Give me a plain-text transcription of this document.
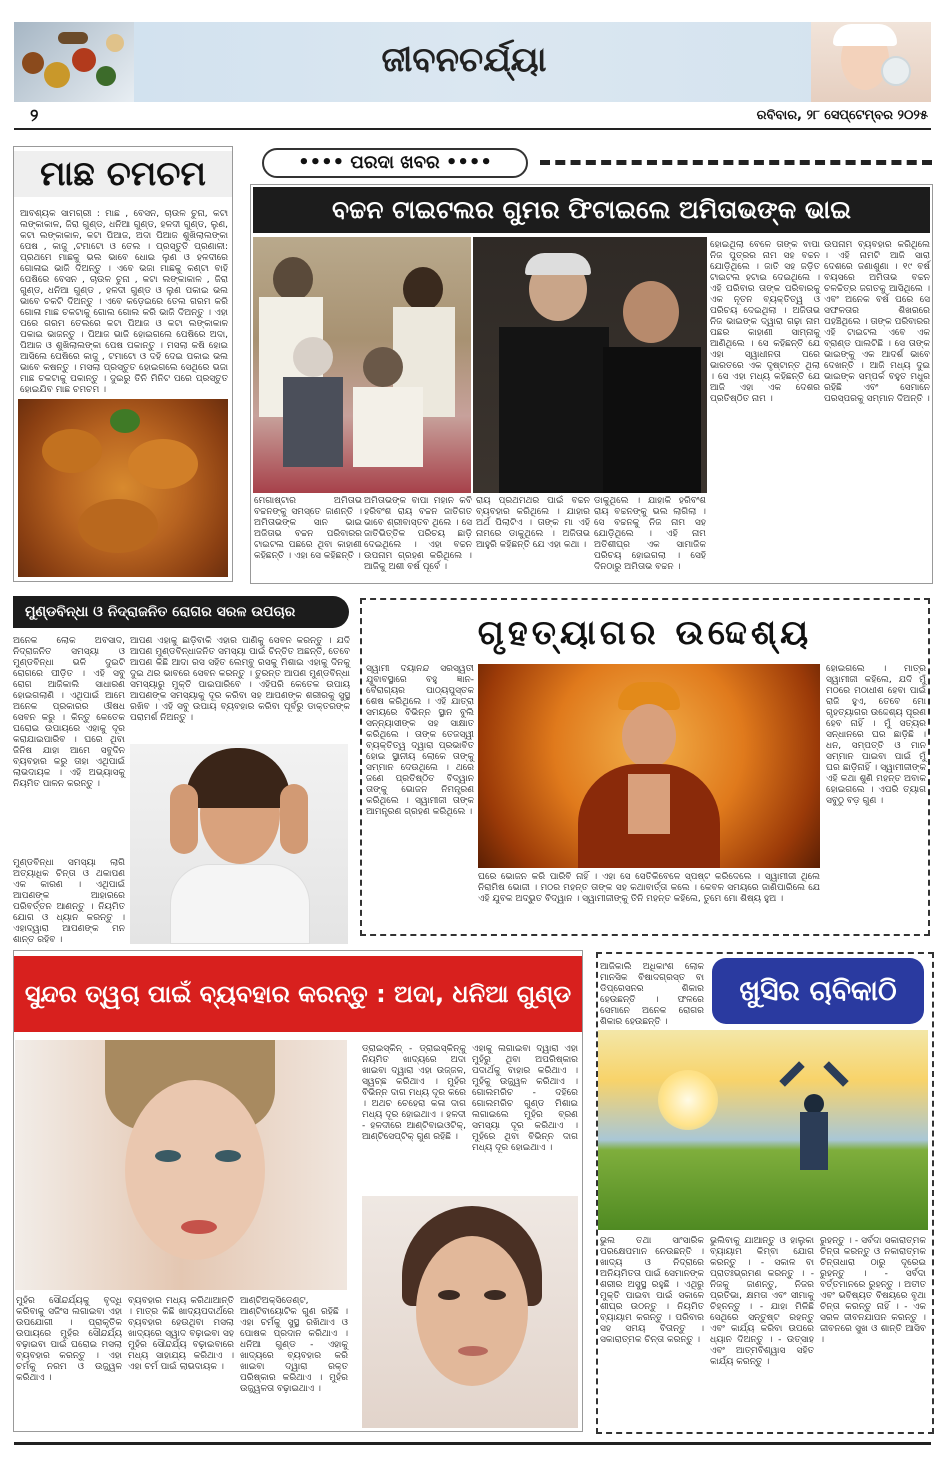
ଜୀବନଚର୍ଯ୍ୟା
୨	ରବିବାର, ୨୮ ସେପ୍ଟେମ୍ବର ୨୦୨୫
ମାଛ ଚମଚମ
ଆବଶ୍ୟକ ସାମଗ୍ରୀ : ମାଛ , ବେସନ, ଚାଉଳ ଚୁନା, କଟା ଲଙ୍କାକାଳ, ଜିରା ଗୁଣ୍ଡ, ଧନିଆ ଗୁଣ୍ଡ, ହଳଦୀ ଗୁଣ୍ଡ, ଲୁଣ, କଟା ଲଙ୍କାକାଳ, କଟା ପିଆଜ, ଅଦା ପିଆଜ ଶୁଖିଲାଲଙ୍କା ପେଷ , କାଜୁ ,ଟମାଟୋ ଓ ତେଲ । ପ୍ରସ୍ତୁତି ପ୍ରଣାଳୀ: ପ୍ରଥମେ ମାଛକୁ ଭଲ ଭାବେ ଧୋଇ ଲୁଣ ଓ ହଳଦୀରେ ଗୋଳାଇ ଭାଜି ଦିଅନ୍ତୁ । ଏବେ ଭଜା ମାଛକୁ କଣ୍ଟା ବାହି ପେଷିରେ ବେସନ , ଚାଉଳ ଚୁନା , କଟା ଲଙ୍କାକାଳ , ଜିରା ଗୁଣ୍ଡ, ଧନିଆ ଗୁଣ୍ଡ , ହଳଦୀ ଗୁଣ୍ଡ ଓ ଲୁଣ ପକାଇ ଭଲ ଭାବେ ଚକଟି ଦିଅନ୍ତୁ । ଏବେ କଡ଼େଇରେ ତେଲ ଗରମ କରି ଗୋଳା ମାଛ ଚକଟାକୁ ଗୋଲ ଗୋଲ କରି ଭାଜି ଦିଅନ୍ତୁ । ଏହା ପରେ ଗରମ ତେଲରେ କଟା ପିଆଜ ଓ କଟା ଲଙ୍କାକାଳ ପକାଇ ଭାଜନ୍ତୁ । ପିଆଜ ଭାଜି ହୋଇଗଲେ ପେଷିରେ ଅଦା, ପିଆଜ ଓ ଶୁଖିଲାଲଙ୍କା ପେଷ ପକାନ୍ତୁ । ମସଲା କଷି ହୋଇ ଆସିଲେ ପେଷିରେ କାଜୁ , ଟମାଟୋ ଓ ଦହି ଦେଇ ପକାଇ ଭଲ ଭାବେ କଷନ୍ତୁ । ମସଲା ପ୍ରସ୍ତୁତ ହୋଇଗଲେ ସେଥିରେ ଭଜା ମାଛ ଚକଟାକୁ ପକାନ୍ତୁ । ଦୁଇରୁ ତିନି ମିନିଟ ପରେ ପ୍ରସ୍ତୁତ ହୋଇଯିବ ମାଛ ଚମଚମ ।
•••• ପରଦା ଖବର ••••
ବଚ୍ଚନ ଟାଇଟଲର ଗୁମର ଫିଟାଇଲେ ଅମିତାଭଙ୍କ ଭାଇ
ମେଗାଷ୍ଟାର ଅମିତାଭ ବଚ୍ଚନଙ୍କୁ ସମସ୍ତେ ଜାଣନ୍ତି । ଅମିତାଭଙ୍କ ସାନ ଭାଇ ଅଜିତାଭ ବଚ୍ଚନ ପରିବାରର ଟାଇଟଲ ପଛରେ ଥିବା କାହାଣୀ କହିଛନ୍ତି । ଏହା ସେ କହିଛନ୍ତି ।
ଅମିତାଭଙ୍କ ବାପା ମହାନ କବି ହରିବଂଶ ରାୟ ବଚ୍ଚନ ଜାତିଗତ ଭାବେ ଶ୍ରୀବାସ୍ତବ ଥିଲେ । ସେ ଜାତିଭିତ୍ତିକ ପରିଚୟ ଛାଡ଼ି ଦେଇଥିଲେ । ଏହା ବଚ୍ଚନ ଉପନାମ ଗ୍ରହଣ କରିଥିଲେ । ଆଜିକୁ ଅଶୀ ବର୍ଷ ପୂର୍ବେ ।
ରାୟ ପ୍ରଥମଥର ପାଇଁ ବଚ୍ଚନ ବ୍ୟବହାର କରିଥିଲେ । ଯାହାର ଅର୍ଥ ପିଲାଟିଏ । ତାଙ୍କ ମା ଏହି ନାମରେ ଡାକୁଥିଲେ । ଅଜିତାଭ ଆହୁରି କହିଛନ୍ତି ଯେ ଏହା କଥା ।
ଡାକୁଥିଲେ । ଯାହାକି ହରିବଂଶ ରାୟ ବଚ୍ଚନଙ୍କୁ ଭଲ ଲାଗିଲା । ସେ ବଚ୍ଚନକୁ ନିଜ ନାମ ସହ ଯୋଡ଼ିଥିଲେ । ଏହି ନାମ ଅତିଶୀଘ୍ର ଏକ ସାମାଜିକ ପରିଚୟ ହୋଇଗଲା । ସେହି ଦିନଠାରୁ ଅମିତାଭ ବଚ୍ଚନ ।
ହୋଇଥିଲା ବେଳେ ତାଙ୍କ ବାପା ନିଜ ପୁତ୍ରର ନାମ ସହ ବଚ୍ଚନ ଯୋଡ଼ିଥିଲେ । ଜାତି ସହ ଜଡ଼ିତ ଟାଇଟଲ ହଟାଇ ଦେଇଥିଲେ । ଏହି ପରିବାର ତାଙ୍କ ପରିବାରକୁ ଏକ ନୂତନ ବ୍ୟକ୍ତିତ୍ୱ ଓ ପରିଚୟ ଦେଇଥିଲା । ଅଜିତାଭ ନିଜ ଭାଇଙ୍କ ଦ୍ୱାରା ଗଢ଼ା ନାମ ପଛର କାହାଣୀ ସାମ୍ନାକୁ ଆଣିଥିଲେ । ସେ କହିଛନ୍ତି ଯେ ଏହା ସ୍ୱାଧୀନତା ପରେ ଭାରତରେ ଏକ ଦୃଷ୍ଟାନ୍ତ ଥିଲା । ସେ ଏହା ମଧ୍ୟ କହିଛନ୍ତି ଯେ ଆଜି ଏହା ଏକ ଦେଶର ପ୍ରତିଷ୍ଠିତ ନାମ ।
ଉପନାମ ବ୍ୟବହାର କରିଥିଲେ । ଏହି ନାମଟି ଆଜି ସାରା ଦେଶରେ ଜଣାଶୁଣା । ୧୯ ବର୍ଷ ବୟସରେ ଅମିତାଭ ବଚ୍ଚନ ଚଳଚ୍ଚିତ୍ର ଜଗତକୁ ଆସିଥିଲେ । ଏବଂ ଅନେକ ବର୍ଷ ପରେ ସେ ସଫଳତାର ଶିଖରରେ ପହଞ୍ଚିଥିଲେ । ତାଙ୍କ ପରିବାରର ଏହି ଟାଇଟଲ ଏବେ ଏକ ବ୍ରାଣ୍ଡ ପାଲଟିଛି । ସେ ତାଙ୍କ ଭାଇଙ୍କୁ ଏକ ଆଦର୍ଶ ଭାବେ ଦେଖନ୍ତି । ଆଜି ମଧ୍ୟ ଦୁଇ ଭାଇଙ୍କ ସମ୍ପର୍କ ବହୁତ ମଧୁର ରହିଛି ଏବଂ ସେମାନେ ପରସ୍ପରକୁ ସମ୍ମାନ ଦିଅନ୍ତି ।
ମୁଣ୍ଡବିନ୍ଧା ଓ ନିଦ୍ରାଜନିତ ରୋଗର ସରଳ ଉପଚାର
ଅନେକ ଲୋକ ଅବସାଦ, ନିଦ୍ରାଜନିତ ସମସ୍ୟା ଓ ମୁଣ୍ଡବିନ୍ଧା ଭଳି ଦୁଇଟି ରୋଗରେ ପୀଡ଼ିତ । ଏହି ସବୁ ରୋଗ ଆଜିକାଲି ସାଧାରଣ ହୋଇଗଲାଣି । ଏଥିପାଇଁ ଆମେ ଅନେକ ପ୍ରକାରର ଔଷଧ ସେବନ କରୁ । କିନ୍ତୁ କେତେକ ଘରୋଇ ଉପାୟରେ ଏହାକୁ ଦୂର କରାଯାଇପାରିବ । ଘରେ ଥିବା ଜିନିଷ ଯାହା ଆମେ ସବୁଦିନ ବ୍ୟବହାର କରୁ ତାହା ଏଥିପାଇଁ ଲାଭଦାୟକ । ଏହି ଅଭ୍ୟାସକୁ ନିୟମିତ ପାଳନ କରନ୍ତୁ ।
ମୁଣ୍ଡବିନ୍ଧା ସମସ୍ୟା ଲାଗି ଅତ୍ୟାଧିକ ଚିନ୍ତା ଓ ଥକାପଣ ଏକ କାରଣ । ଏଥିପାଇଁ ଆପଣଙ୍କ ଆହାରରେ ପରିବର୍ତ୍ତନ ଆଣନ୍ତୁ । ନିୟମିତ ଯୋଗ ଓ ଧ୍ୟାନ କରନ୍ତୁ । ଏହାଦ୍ୱାରା ଆପଣଙ୍କ ମନ ଶାନ୍ତ ରହିବ ।
ଆପଣ ଏହାକୁ ଛାଡ଼ିବାକି ଏହାର ପାଣିକୁ ସେବନ କରନ୍ତୁ । ଯଦି ଆପଣ ମୁଣ୍ଡବିନ୍ଧାଜନିତ ସମସ୍ୟା ପାଇଁ ଚିନ୍ତିତ ଅଛନ୍ତି, ତେବେ ଆପଣ କିଛି ଆଦା ରସ ସହିତ ଲେମ୍ବୁ ରସକୁ ମିଶାଇ ଏହାକୁ ଦିନକୁ ଦୁଇ ଥର ଭାବରେ ସେବନ କରନ୍ତୁ । ତୁରନ୍ତ ଆପଣ ମୁଣ୍ଡବିନ୍ଧା ସମସ୍ୟାରୁ ମୁକ୍ତି ପାଇପାରିବେ । ଏହିପରି କେତେକ ଉପାୟ ଆପଣଙ୍କ ସମସ୍ୟାକୁ ଦୂର କରିବା ସହ ଆପଣଙ୍କ ଶରୀରକୁ ସୁସ୍ଥ ରଖିବ । ଏହି ସବୁ ଉପାୟ ବ୍ୟବହାର କରିବା ପୂର୍ବରୁ ଡାକ୍ତରଙ୍କ ପରାମର୍ଶ ନିଅନ୍ତୁ ।
ଗୃହତ୍ୟାଗର ଉଦ୍ଦେଶ୍ୟ
ସ୍ୱାମୀ ଦୟାନନ୍ଦ ସରସ୍ୱତୀ ଯୁବାବସ୍ଥାରେ ବହୁ ଜ୍ଞାନ-ବୈରାଗ୍ୟର ପାଠ୍ୟପୁସ୍ତକ ଶେଷ କରିଥିଲେ । ଏହି ଯାତ୍ରା ସମୟରେ ବିଭିନ୍ନ ସ୍ଥାନ ବୁଲି ସନ୍ନ୍ୟାସୀଙ୍କ ସହ ସାକ୍ଷାତ କରିଥିଲେ । ତାଙ୍କ ତେଜସ୍ୱୀ ବ୍ୟକ୍ତିତ୍ୱ ଦ୍ୱାରା ପ୍ରଭାବିତ ହୋଇ ସ୍ଥାନୀୟ ଲୋକେ ତାଙ୍କୁ ସମ୍ମାନ ଦେଉଥିଲେ । ଥରେ ଜଣେ ପ୍ରତିଷ୍ଠିତ ବିଦ୍ୱାନ ତାଙ୍କୁ ଭୋଜନ ନିମନ୍ତ୍ରଣ କରିଥିଲେ । ସ୍ୱାମୀଜୀ ତାଙ୍କ ଆମନ୍ତ୍ରଣ ଗ୍ରହଣ କରିଥିଲେ ।
ଘରେ ଭୋଜନ କରି ପାରିବି ନାହିଁ । ଏହା ସେ ସେତିକିବେଳେ ସ୍ପଷ୍ଟ କରିଦେଲେ । ସ୍ୱାମୀଜୀ ଥିଲେ ନିରାମିଷ ଭୋଜୀ । ମଠର ମହନ୍ତ ତାଙ୍କ ସହ କଥାବାର୍ତ୍ତା କଲେ । କେବଳ ସମୟରେ ଜାଣିପାରିଲେ ଯେ ଏହି ଯୁବକ ଅଦ୍ଭୁତ ବିଦ୍ୱାନ । ସ୍ୱାମୀଜୀଙ୍କୁ ତିନି ମହନ୍ତ କହିଲେ, ତୁମେ ମୋ ଶିଷ୍ୟ ହୁଅ ।
ହୋଇଗଲେ । ମାତ୍ର ସ୍ୱାମୀଜୀ କହିଲେ, ଯଦି ମୁଁ ମଠରେ ମଠାଧୀଶ ହେବା ପାଇଁ ରାଜି ହୁଏ, ତେବେ ମୋ ଗୃହତ୍ୟାଗର ଉଦ୍ଦେଶ୍ୟ ପୂରଣ ହେବ ନାହିଁ । ମୁଁ ସତ୍ୟର ସନ୍ଧାନରେ ଘର ଛାଡ଼ିଛି । ଧନ, ସମ୍ପତ୍ତି ଓ ମାନ ସମ୍ମାନ ପାଇବା ପାଇଁ ମୁଁ ଘର ଛାଡ଼ିନାହିଁ । ସ୍ୱାମୀଜୀଙ୍କ ଏହି କଥା ଶୁଣି ମହନ୍ତ ଅବାକ ହୋଇଗଲେ । ଏପରି ତ୍ୟାଗ ସବୁଠୁ ବଡ଼ ଗୁଣ ।
ସୁନ୍ଦର ତ୍ୱଚା ପାଇଁ ବ୍ୟବହାର କରନ୍ତୁ : ଅଦା, ଧନିଆ ଗୁଣ୍ଡ
ଡ୍ରାଇସ୍କିନ୍ - ଡ୍ରାଇସ୍କିନ୍କୁ ନିୟମିତ ଖାଦ୍ୟରେ ଅଦା ଖାଇବା ଦ୍ୱାରା ଏହା ଉଜ୍ଜଳ, ସ୍ୱଚ୍ଛ କରିଥାଏ । ମୁହଁର ବିଭିନ୍ନ ଦାଗ ମଧ୍ୟ ଦୂର କରେ । ଅଥଚ ଚେହେରା କଳା ଦାଗ ମଧ୍ୟ ଦୂର ହୋଇଥାଏ । ହଳଦୀ - ହଳଦୀରେ ଆଣ୍ଟିବାଇଓଟିକ୍, ଆଣ୍ଟିସେପ୍ଟିକ୍ ଗୁଣ ରହିଛି ।
ଏହାକୁ ଲଗାଇବା ଦ୍ୱାରା ଏହା ମୁହଁରୁ ଥିବା ଅପରିଷ୍କାର ପଦାର୍ଥକୁ ବାହାର କରିଥାଏ । ମୁହଁକୁ ଉଜ୍ଜ୍ୱଳ କରିଥାଏ । ଗୋଲମରିଚ - ଦହିରେ ଗୋଲମରିଚ ଗୁଣ୍ଡ ମିଶାଇ ଲଗାଇଲେ ମୁହଁର ବ୍ରଣ ସମସ୍ୟା ଦୂର କରିଥାଏ । ମୁହଁରେ ଥିବା ବିଭିନ୍ନ ଦାଗ ମଧ୍ୟ ଦୂର ହୋଇଥାଏ ।
ମୁହଁର ସୌନ୍ଦର୍ଯ୍ୟକୁ ବୃଦ୍ଧି କରିବାକୁ ସଜିଂସ ଲଗାଇବା ଏହା ଉପଯୋଗୀ । ପ୍ରାକୃତିକ ଉପାୟରେ ମୁହଁର ସୌନ୍ଦର୍ଯ୍ୟ ବଢ଼ାଇବା ପାଇଁ ଘରୋଇ ମସଲା ବ୍ୟବହାର କରନ୍ତୁ । ଏହା ଚର୍ମକୁ ନରମ ଓ ଉଜ୍ଜ୍ୱଳ କରିଥାଏ ।
ବ୍ୟବହାର ମଧ୍ୟ କରିଥାଆନ୍ତି । ମାତ୍ର କିଛି ଖାଦ୍ୟପଦାର୍ଥରେ ବ୍ୟବହାର ହେଉଥିବା ମସଲା ଖାଦ୍ୟରେ ସ୍ୱାଦ ବଢ଼ାଇବା ସହ ମୁହଁର ସୌନ୍ଦର୍ଯ୍ୟ ବଢ଼ାଇବାରେ ମଧ୍ୟ ସାହାଯ୍ୟ କରିଥାଏ । ଏହା ଚର୍ମ ପାଇଁ ଲାଭଦାୟକ ।
ଆଣ୍ଟିଅକ୍ସିଡେଣ୍ଟ, ଆଣ୍ଟିବାୟୋଟିକ ଗୁଣ ରହିଛି । ଏହା ଚର୍ମକୁ ସୁସ୍ଥ ରଖିଥାଏ ଓ ପୋଷକ ପ୍ରଦାନ କରିଥାଏ । ଧନିଆ ଗୁଣ୍ଡ - ଏହାକୁ ଖାଦ୍ୟରେ ବ୍ୟବହାର କରି ଖାଇବା ଦ୍ୱାରା ରକ୍ତ ପରିଷ୍କାର କରିଥାଏ । ମୁହଁର ଉଜ୍ଜ୍ୱଳତା ବଢ଼ାଇଥାଏ ।
ଆଜିକାଲି ଅଧିକାଂଶ ଲୋକ ମାନସିକ ବିଷାଦଗ୍ରସ୍ତ ବା ଡିପ୍ରେସନର ଶିକାର ହେଉଛନ୍ତି । ଫଳରେ ସେମାନେ ଅନେକ ରୋଗର ଶିକାର ହେଉଛନ୍ତି ।
ଖୁସିର ଚାବିକାଠି
ଭୁଲ ତଥା ସାଂସାରିକ ପରକ୍ଷେପମାନ ନେଉଛନ୍ତି । ଖାଦ୍ୟ ଓ ନିଦ୍ରାରେ ଅନିୟମିତତା ପାଇଁ ସେମାନଙ୍କ ଶରୀର ଅସୁସ୍ଥ ରହୁଛି । ଏଥିରୁ ମୁକ୍ତି ପାଇବା ପାଇଁ ସକାଳେ ଶୀଘ୍ର ଉଠନ୍ତୁ । ନିୟମିତ ବ୍ୟାୟାମ କରନ୍ତୁ । ପରିବାର ସହ ସମୟ ବିତାନ୍ତୁ । ସକାରାତ୍ମକ ଚିନ୍ତା କରନ୍ତୁ ।
ଭୁଲିବାକୁ ଯାଆନ୍ତୁ ଓ ହାଲୁକା ବ୍ୟାୟାମ କିମ୍ବା ଯୋଗ କରନ୍ତୁ । - ସକାଳ ବା ପ୍ରାତଃଭ୍ରମଣ କରନ୍ତୁ । - ନିଜକୁ ଜାଣନ୍ତୁ, ନିଜର ପ୍ରତିଭା, କ୍ଷମତା ଏବଂ ସୀମାକୁ ଚିହ୍ନନ୍ତୁ । - ଯାହା ମିଳିଛି ସେଥିରେ ସନ୍ତୁଷ୍ଟ ରହନ୍ତୁ ଏବଂ କାର୍ଯ୍ୟ କରିବା ଉପରେ ଧ୍ୟାନ ଦିଅନ୍ତୁ । - ଉତ୍ସାହ ଏବଂ ଆତ୍ମବିଶ୍ୱାସ ସହିତ କାର୍ଯ୍ୟ କରନ୍ତୁ ।
ରୁହନ୍ତୁ । - ସର୍ବଦା ସକାରାତ୍ମକ ଚିନ୍ତା କରନ୍ତୁ ଓ ନକାରାତ୍ମକ ଚିନ୍ତାଧାରା ଠାରୁ ଦୂରେଇ ରୁହନ୍ତୁ । - ସର୍ବଦା ବର୍ତ୍ତମାନରେ ରୁହନ୍ତୁ । ଅତୀତ ଏବଂ ଭବିଷ୍ୟତ ବିଷୟରେ ବୃଥା ଚିନ୍ତା କରନ୍ତୁ ନାହିଁ । - ଏକ ସରଳ ଜୀବନଯାପନ କରନ୍ତୁ । ଜୀବନରେ ସୁଖ ଓ ଶାନ୍ତି ଆସିବ ।
